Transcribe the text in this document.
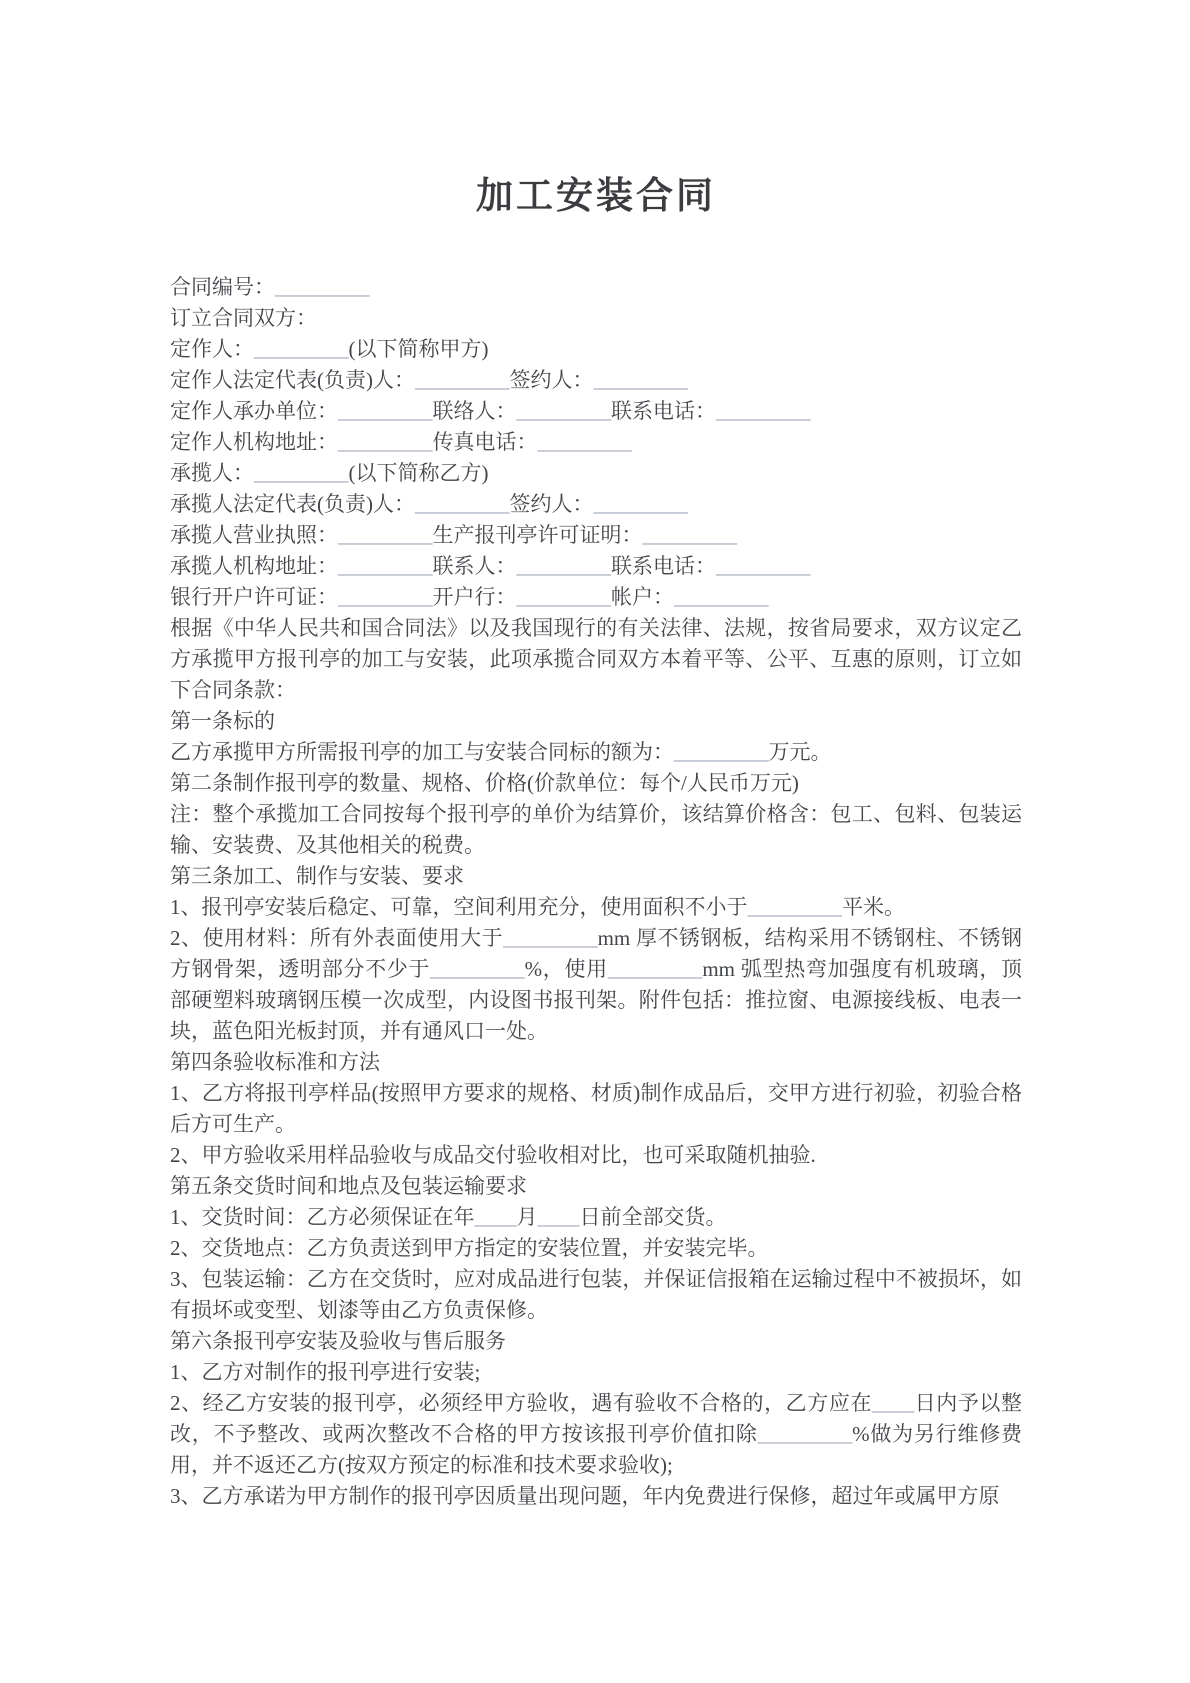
加工安装合同

合同编号：_________

订立合同双方：

定作人：_________(以下简称甲方)

定作人法定代表(负责)人：_________签约人：_________

定作人承办单位：_________联络人：_________联系电话：_________

定作人机构地址：_________传真电话：_________

承揽人：_________(以下简称乙方)

承揽人法定代表(负责)人：_________签约人：_________

承揽人营业执照：_________生产报刊亭许可证明：_________

承揽人机构地址：_________联系人：_________联系电话：_________

银行开户许可证：_________开户行：_________帐户：_________

根据《中华人民共和国合同法》以及我国现行的有关法律、法规，按省局要求，双方议定乙方承揽甲方报刊亭的加工与安装，此项承揽合同双方本着平等、公平、互惠的原则，订立如下合同条款：

第一条标的

乙方承揽甲方所需报刊亭的加工与安装合同标的额为：_________万元。

第二条制作报刊亭的数量、规格、价格(价款单位：每个/人民币万元)

注：整个承揽加工合同按每个报刊亭的单价为结算价，该结算价格含：包工、包料、包装运输、安装费、及其他相关的税费。

第三条加工、制作与安装、要求

1、报刊亭安装后稳定、可靠，空间利用充分，使用面积不小于_________平米。

2、使用材料：所有外表面使用大于_________mm 厚不锈钢板，结构采用不锈钢柱、不锈钢方钢骨架，透明部分不少于_________%，使用_________mm 弧型热弯加强度有机玻璃，顶部硬塑料玻璃钢压模一次成型，内设图书报刊架。附件包括：推拉窗、电源接线板、电表一块，蓝色阳光板封顶，并有通风口一处。

第四条验收标准和方法

1、乙方将报刊亭样品(按照甲方要求的规格、材质)制作成品后，交甲方进行初验，初验合格后方可生产。

2、甲方验收采用样品验收与成品交付验收相对比，也可采取随机抽验.

第五条交货时间和地点及包装运输要求

1、交货时间：乙方必须保证在年____月____日前全部交货。

2、交货地点：乙方负责送到甲方指定的安装位置，并安装完毕。

3、包装运输：乙方在交货时，应对成品进行包装，并保证信报箱在运输过程中不被损坏，如有损坏或变型、划漆等由乙方负责保修。

第六条报刊亭安装及验收与售后服务

1、乙方对制作的报刊亭进行安装;

2、经乙方安装的报刊亭，必须经甲方验收，遇有验收不合格的，乙方应在____日内予以整改，不予整改、或两次整改不合格的甲方按该报刊亭价值扣除_________%做为另行维修费用，并不返还乙方(按双方预定的标准和技术要求验收);

3、乙方承诺为甲方制作的报刊亭因质量出现问题，年内免费进行保修，超过年或属甲方原
